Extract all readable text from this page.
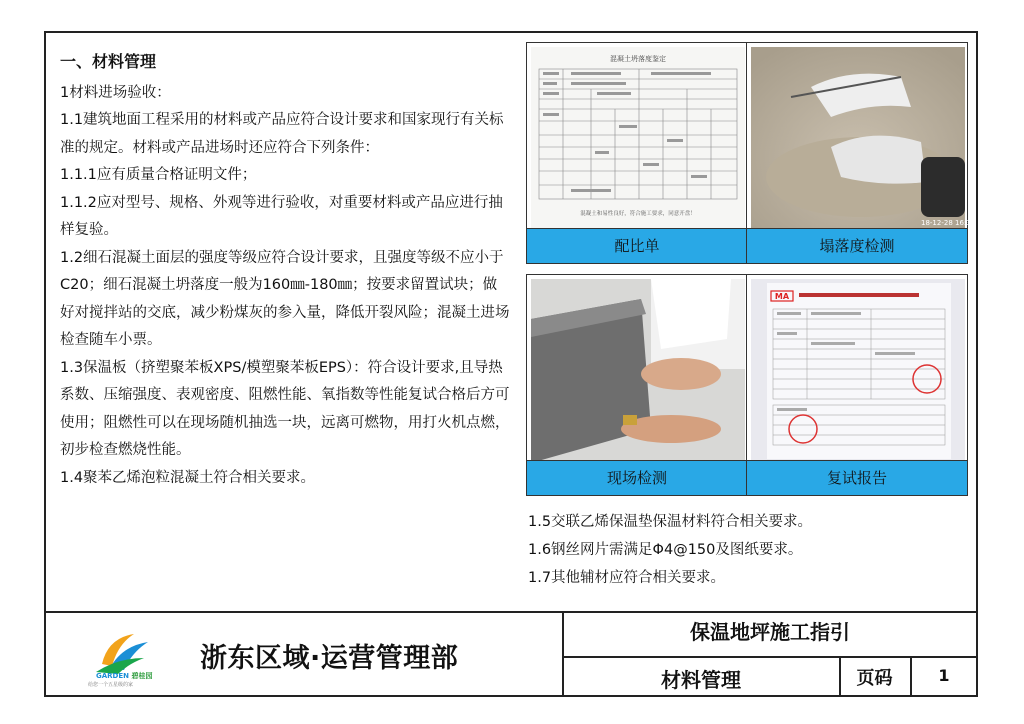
一、材料管理

1材料进场验收：

1.1建筑地面工程采用的材料或产品应符合设计要求和国家现行有关标准的规定。材料或产品进场时还应符合下列条件：

1.1.1应有质量合格证明文件；

1.1.2应对型号、规格、外观等进行验收，对重要材料或产品应进行抽样复验。

1.2细石混凝土面层的强度等级应符合设计要求，且强度等级不应小于C20；细石混凝土坍落度一般为160㎜-180㎜；按要求留置试块；做好对搅拌站的交底，减少粉煤灰的参入量，降低开裂风险；混凝土进场检查随车小票。

1.3保温板（挤塑聚苯板XPS/模塑聚苯板EPS）：符合设计要求,且导热系数、压缩强度、表观密度、阻燃性能、氧指数等性能复试合格后方可使用；阻燃性可以在现场随机抽选一块，远离可燃物，用打火机点燃，初步检查燃烧性能。

1.4聚苯乙烯泡粒混凝土符合相关要求。

混凝土坍落度鉴定
混凝土和易性良好，符合施工要求，同意开盘！
配比单
18-12-28 16:38
塌落度检测
现场检测
MA
复试报告

1.5交联乙烯保温垫保温材料符合相关要求。

1.6钢丝网片需满足Φ4@150及图纸要求。

1.7其他辅材应符合相关要求。

GARDEN 碧桂园
给您一个五星级的家
浙东区域·运营管理部
保温地坪施工指引
材料管理	页码	1
